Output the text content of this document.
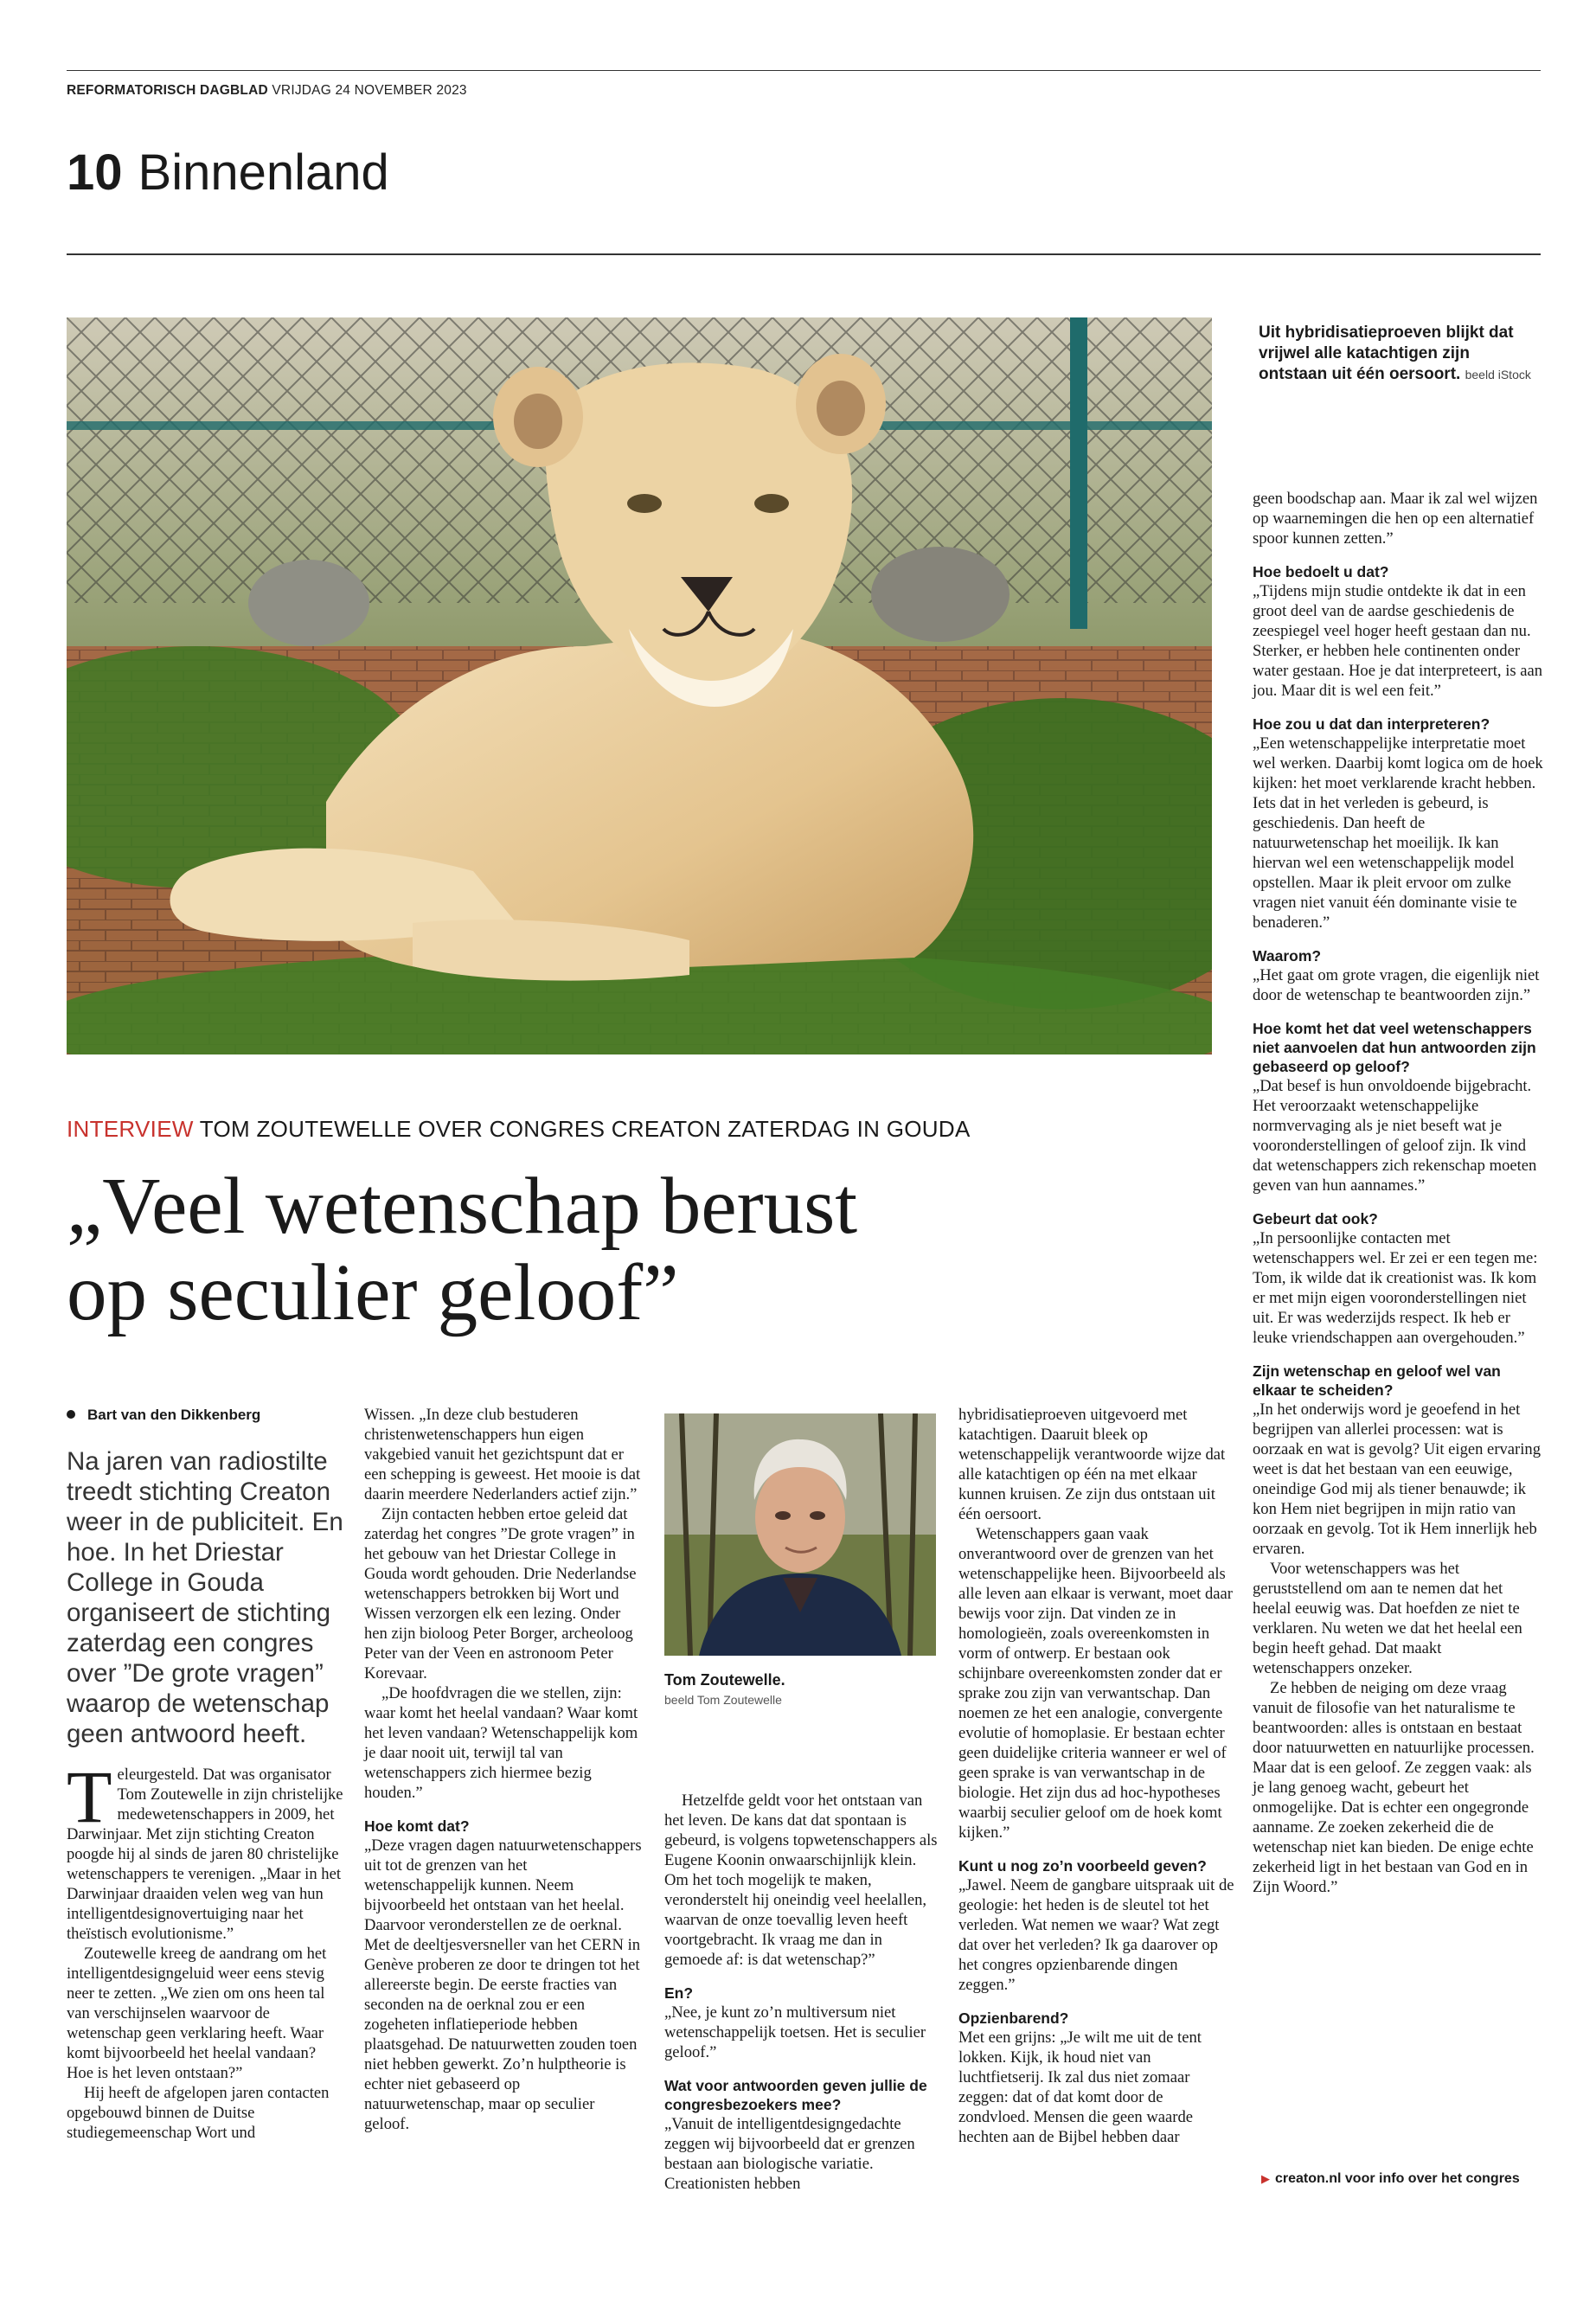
REFORMATORISCH DAGBLAD VRIJDAG 24 NOVEMBER 2023
10 Binnenland
Uit hybridisatieproeven blijkt dat vrijwel alle katachtigen zijn ontstaan uit één oersoort. beeld iStock
INTERVIEW TOM ZOUTEWELLE OVER CONGRES CREATON ZATERDAG IN GOUDA
„Veel wetenschap berust
op seculier geloof”
Bart van den Dikkenberg
Na jaren van radiostilte treedt stichting Creaton weer in de publiciteit. En hoe. In het Driestar College in Gouda organiseert de stichting zaterdag een congres over ”De grote vragen” waarop de wetenschap geen antwoord heeft.

Teleurgesteld. Dat was organisator Tom Zoutewelle in zijn christelijke medewetenschappers in 2009, het Darwinjaar. Met zijn stichting Creaton poogde hij al sinds de jaren 80 christelijke wetenschappers te verenigen. „Maar in het Darwinjaar draaiden velen weg van hun intelligentdesignovertuiging naar het theïstisch evolutionisme.”

Zoutewelle kreeg de aandrang om het intelligentdesigngeluid weer eens stevig neer te zetten. „We zien om ons heen tal van verschijnselen waarvoor de wetenschap geen verklaring heeft. Waar komt bijvoorbeeld het heelal vandaan? Hoe is het leven ontstaan?”

Hij heeft de afgelopen jaren contacten opgebouwd binnen de Duitse studiegemeenschap Wort und

Wissen. „In deze club bestuderen christenwetenschappers hun eigen vakgebied vanuit het gezichtspunt dat er een schepping is geweest. Het mooie is dat daarin meerdere Nederlanders actief zijn.”

Zijn contacten hebben ertoe geleid dat zaterdag het congres ”De grote vragen” in het gebouw van het Driestar College in Gouda wordt gehouden. Drie Nederlandse wetenschappers betrokken bij Wort und Wissen verzorgen elk een lezing. Onder hen zijn bioloog Peter Borger, archeoloog Peter van der Veen en astronoom Peter Korevaar.

„De hoofdvragen die we stellen, zijn: waar komt het heelal vandaan? Waar komt het leven vandaan? Wetenschappelijk kom je daar nooit uit, terwijl tal van wetenschappers zich hiermee bezig houden.”

Hoe komt dat?

„Deze vragen dagen natuurwetenschappers uit tot de grenzen van het wetenschappelijk kunnen. Neem bijvoorbeeld het ontstaan van het heelal. Daarvoor veronderstellen ze de oerknal. Met de deeltjesversneller van het CERN in Genève proberen ze door te dringen tot het allereerste begin. De eerste fracties van seconden na de oerknal zou er een zogeheten inflatieperiode hebben plaatsgehad. De natuurwetten zouden toen niet hebben gewerkt. Zo’n hulptheorie is echter niet gebaseerd op natuurwetenschap, maar op seculier geloof.

Tom Zoutewelle.
beeld Tom Zoutewelle

Hetzelfde geldt voor het ontstaan van het leven. De kans dat dat spontaan is gebeurd, is volgens topwetenschappers als Eugene Koonin onwaarschijnlijk klein. Om het toch mogelijk te maken, veronderstelt hij oneindig veel heelallen, waarvan de onze toevallig leven heeft voortgebracht. Ik vraag me dan in gemoede af: is dat wetenschap?”

En?

„Nee, je kunt zo’n multiversum niet wetenschappelijk toetsen. Het is seculier geloof.”

Wat voor antwoorden geven jullie de congresbezoekers mee?

„Vanuit de intelligentdesigngedachte zeggen wij bijvoorbeeld dat er grenzen bestaan aan biologische variatie. Creationisten hebben

hybridisatieproeven uitgevoerd met katachtigen. Daaruit bleek op wetenschappelijk verantwoorde wijze dat alle katachtigen op één na met elkaar kunnen kruisen. Ze zijn dus ontstaan uit één oersoort.

Wetenschappers gaan vaak onverantwoord over de grenzen van het wetenschappelijke heen. Bijvoorbeeld als alle leven aan elkaar is verwant, moet daar bewijs voor zijn. Dat vinden ze in homologieën, zoals overeenkomsten in vorm of ontwerp. Er bestaan ook schijnbare overeenkomsten zonder dat er sprake zou zijn van verwantschap. Dan noemen ze het een analogie, convergente evolutie of homoplasie. Er bestaan echter geen duidelijke criteria wanneer er wel of geen sprake is van verwantschap in de biologie. Het zijn dus ad hoc-hypotheses waarbij seculier geloof om de hoek komt kijken.”

Kunt u nog zo’n voorbeeld geven?

„Jawel. Neem de gangbare uitspraak uit de geologie: het heden is de sleutel tot het verleden. Wat nemen we waar? Wat zegt dat over het verleden? Ik ga daarover op het congres opzienbarende dingen zeggen.”

Opzienbarend?

Met een grijns: „Je wilt me uit de tent lokken. Kijk, ik houd niet van luchtfietserij. Ik zal dus niet zomaar zeggen: dat of dat komt door de zondvloed. Mensen die geen waarde hechten aan de Bijbel hebben daar

geen boodschap aan. Maar ik zal wel wijzen op waarnemingen die hen op een alternatief spoor kunnen zetten.”

Hoe bedoelt u dat?

„Tijdens mijn studie ontdekte ik dat in een groot deel van de aardse geschiedenis de zeespiegel veel hoger heeft gestaan dan nu. Sterker, er hebben hele continenten onder water gestaan. Hoe je dat interpreteert, is aan jou. Maar dit is wel een feit.”

Hoe zou u dat dan interpreteren?

„Een wetenschappelijke interpretatie moet wel werken. Daarbij komt logica om de hoek kijken: het moet verklarende kracht hebben. Iets dat in het verleden is gebeurd, is geschiedenis. Dan heeft de natuurwetenschap het moeilijk. Ik kan hiervan wel een wetenschappelijk model opstellen. Maar ik pleit ervoor om zulke vragen niet vanuit één dominante visie te benaderen.”

Waarom?

„Het gaat om grote vragen, die eigenlijk niet door de wetenschap te beantwoorden zijn.”

Hoe komt het dat veel wetenschappers niet aanvoelen dat hun antwoorden zijn gebaseerd op geloof?

„Dat besef is hun onvoldoende bijgebracht. Het veroorzaakt wetenschappelijke normvervaging als je niet beseft wat je vooronderstellingen of geloof zijn. Ik vind dat wetenschappers zich rekenschap moeten geven van hun aannames.”

Gebeurt dat ook?

„In persoonlijke contacten met wetenschappers wel. Er zei er een tegen me: Tom, ik wilde dat ik creationist was. Ik kom er met mijn eigen vooronderstellingen niet uit. Er was wederzijds respect. Ik heb er leuke vriendschappen aan overgehouden.”

Zijn wetenschap en geloof wel van elkaar te scheiden?

„In het onderwijs word je geoefend in het begrijpen van allerlei processen: wat is oorzaak en wat is gevolg? Uit eigen ervaring weet is dat het bestaan van een eeuwige, oneindige God mij als tiener benauwde; ik kon Hem niet begrijpen in mijn ratio van oorzaak en gevolg. Tot ik Hem innerlijk heb ervaren.

Voor wetenschappers was het geruststellend om aan te nemen dat het heelal eeuwig was. Dat hoefden ze niet te verklaren. Nu weten we dat het heelal een begin heeft gehad. Dat maakt wetenschappers onzeker.

Ze hebben de neiging om deze vraag vanuit de filosofie van het naturalisme te beantwoorden: alles is ontstaan en bestaat door natuurwetten en natuurlijke processen. Maar dat is een geloof. Ze zeggen vaak: als je lang genoeg wacht, gebeurt het onmogelijke. Dat is echter een ongegronde aanname. Ze zoeken zekerheid die de wetenschap niet kan bieden. De enige echte zekerheid ligt in het bestaan van God en in Zijn Woord.”

▶ creaton.nl voor info over het congres
